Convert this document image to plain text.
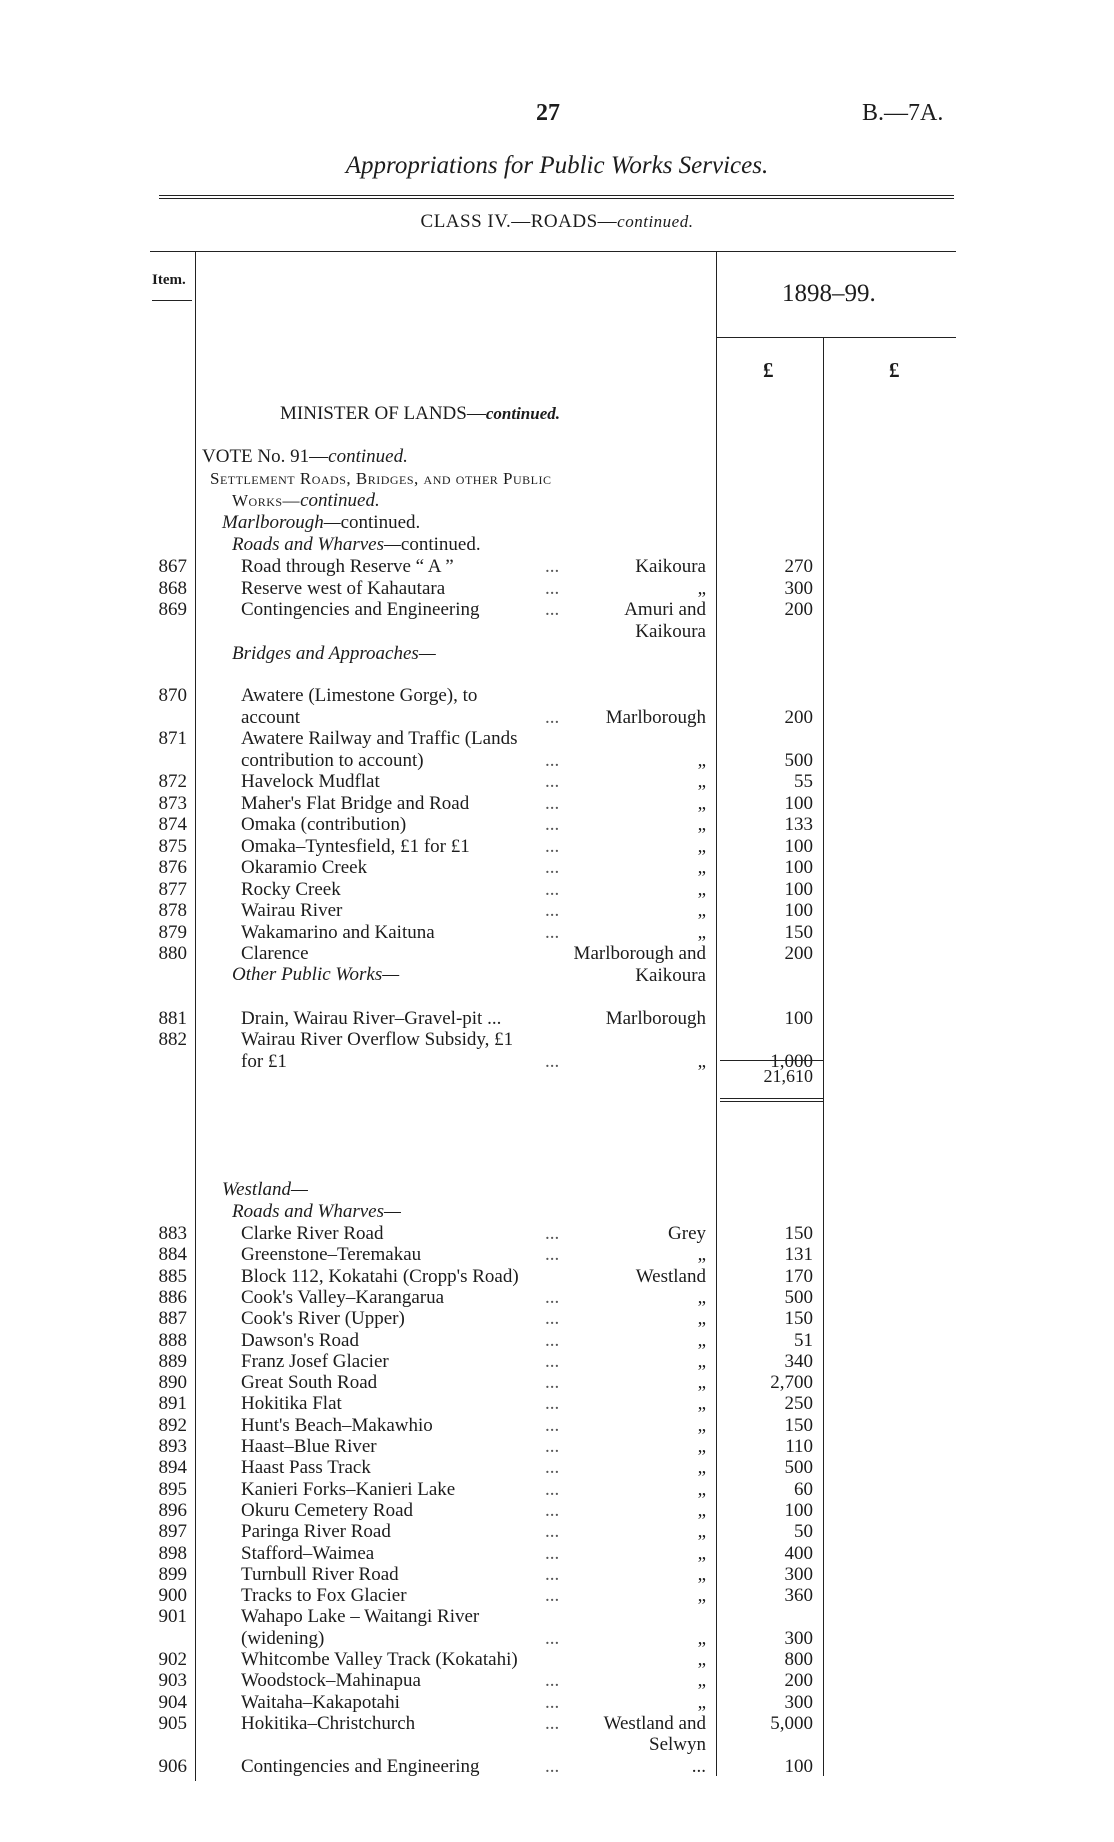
27	B.—7A.
Appropriations for Public Works Services.
CLASS IV.—ROADS—continued.
Item.	1898–99.
£	£
MINISTER OF LANDS—continued.
VOTE No. 91—continued.
Settlement Roads, Bridges, and other Public
Works—continued.
Marlborough—continued.
Roads and Wharves—continued.
Bridges and Approaches—
Other Public Works—
867	Road through Reserve “ A ”	...	Kaikoura	270
868	Reserve west of Kahautara	...	„	300
869	Contingencies and Engineering	...	Amuri and	200
Kaikoura
870	Awatere (Limestone Gorge), to
account	... Marlborough	200
871	Awatere Railway and Traffic (Lands
contribution to account)	...	„	500
872	Havelock Mudflat	...	„	55
873	Maher's Flat Bridge and Road	...	„	100
874	Omaka (contribution)	...	„	133
875	Omaka–Tyntesfield, £1 for £1	...	„	100
876	Okaramio Creek	...	„	100
877	Rocky Creek	...	„	100
878	Wairau River	...	„	100
879	Wakamarino and Kaituna	...	„	150
880	Clarence	Marlborough and	200
Kaikoura
881	Drain, Wairau River–Gravel-pit ...	Marlborough	100
882	Wairau River Overflow Subsidy, £1
for £1	...	„	1,000
21,610
Westland—
Roads and Wharves—
883	Clarke River Road	...	Grey	150
884	Greenstone–Teremakau	...	„	131
885	Block 112, Kokatahi (Cropp's Road)	Westland	170
886	Cook's Valley–Karangarua	...	„	500
887	Cook's River (Upper)	...	„	150
888	Dawson's Road	...	„	51
889	Franz Josef Glacier	...	„	340
890	Great South Road	...	„	2,700
891	Hokitika Flat	...	„	250
892	Hunt's Beach–Makawhio	...	„	150
893	Haast–Blue River	...	„	110
894	Haast Pass Track	...	„	500
895	Kanieri Forks–Kanieri Lake	...	„	60
896	Okuru Cemetery Road	...	„	100
897	Paringa River Road	...	„	50
898	Stafford–Waimea	...	„	400
899	Turnbull River Road	...	„	300
900	Tracks to Fox Glacier	...	„	360
901	Wahapo Lake – Waitangi River
(widening)	...	„	300
902	Whitcombe Valley Track (Kokatahi)	„	800
903	Woodstock–Mahinapua	...	„	200
904	Waitaha–Kakapotahi	...	„	300
905	Hokitika–Christchurch	... Westland and	5,000
Selwyn
906	Contingencies and Engineering	...	...	100
